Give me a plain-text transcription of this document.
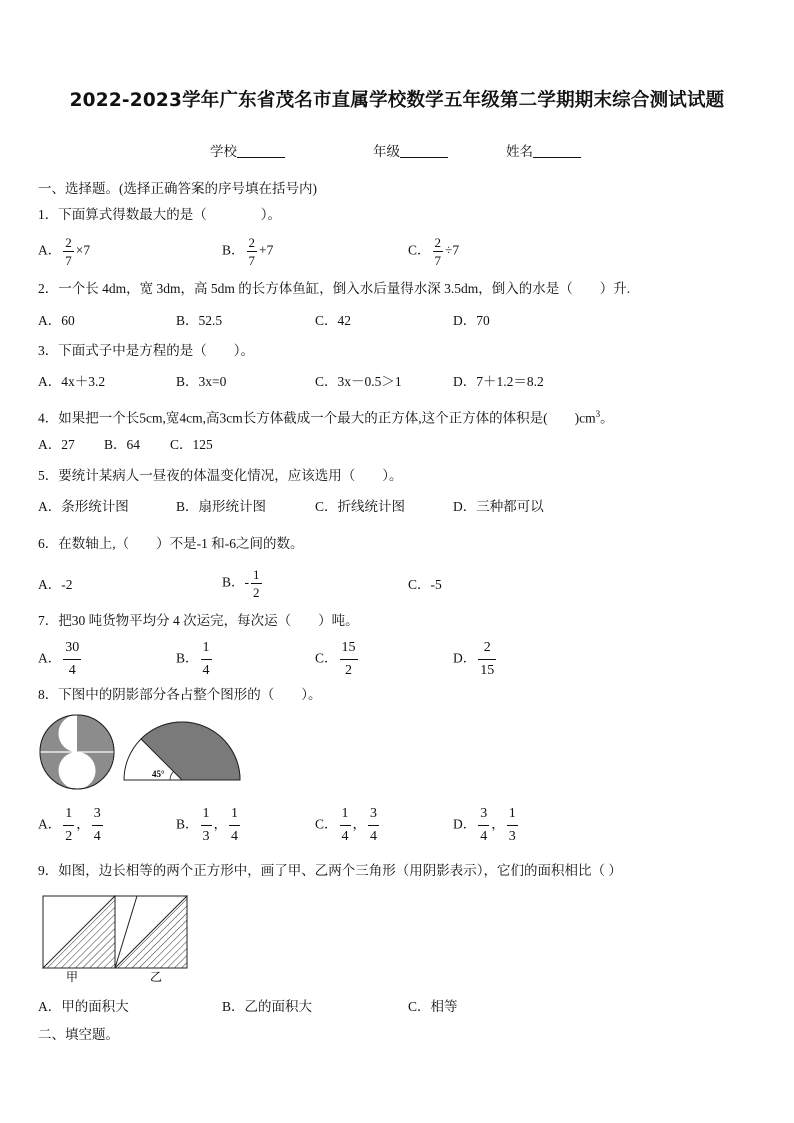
2022-2023学年广东省茂名市直属学校数学五年级第二学期期末综合测试试题
学校	年级	姓名
一、选择题。(选择正确答案的序号填在括号内)
1．下面算式得数最大的是（　　　　）。
A． $\frac{2}{7} \times 7$	B． $\frac{2}{7} +7$	C． $\frac{2}{7} \div 7$
2．一个长 4dm，宽 3dm，高 5dm 的长方体鱼缸，倒入水后量得水深 3.5dm，倒入的水是（　　）升.
A．60	B．52.5	C．42	D．70
3．下面式子中是方程的是（　　）。
A．4x＋3.2	B．3x=0	C．3x－0.5＞1	D．7＋1.2＝8.2
4．如果把一个长5cm,宽4cm,高3cm长方体截成一个最大的正方体,这个正方体的体积是(　　)$cm^3$。
A．27 B．64 C．125
5．要统计某病人一昼夜的体温变化情况，应该选用（　　）。
A．条形统计图	B．扇形统计图	C．折线统计图	D．三种都可以
6．在数轴上,（　　）不是-1 和-6之间的数。
A．-2	B．- $\frac{1}{2}$	C．-5
7．把30 吨货物平均分 4 次运完，每次运（　　）吨。
A． $\frac{30}{4}$	B． $\frac{1}{4}$	C． $\frac{15}{2}$	D． $\frac{2}{15}$
8．下图中的阴影部分各占整个图形的（　　）。
45°
A． $\frac{1}{2}$ ， $\frac{3}{4}$	B． $\frac{1}{3}$ ， $\frac{1}{4}$	C． $\frac{1}{4}$ ， $\frac{3}{4}$	D． $\frac{3}{4}$ ， $\frac{1}{3}$
9．如图，边长相等的两个正方形中，画了甲、乙两个三角形（用阴影表示），它们的面积相比（ ）
甲	乙
A．甲的面积大	B．乙的面积大	C．相等
二、填空题。
